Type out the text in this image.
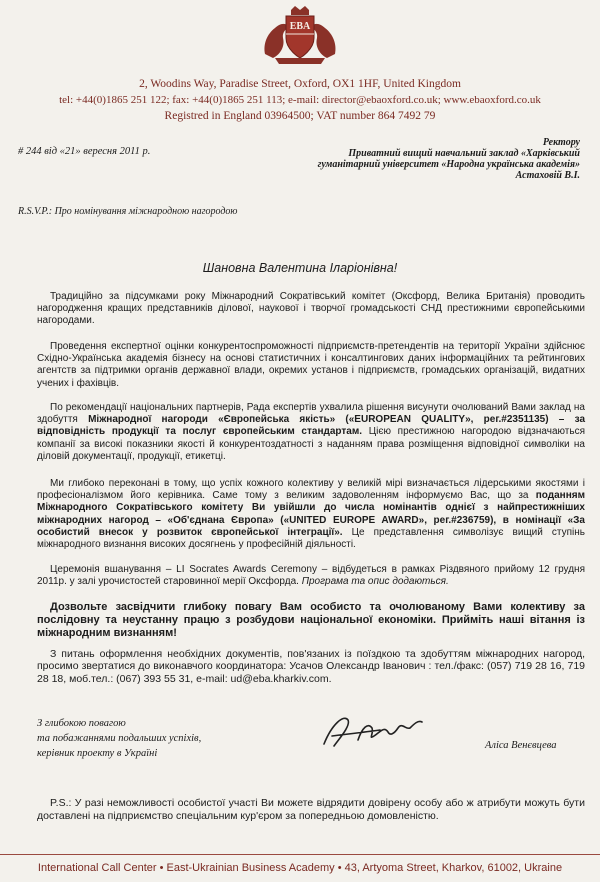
EBA
2, Woodins Way, Paradise Street, Oxford, OX1 1HF, United Kingdom
tel: +44(0)1865 251 122; fax: +44(0)1865 251 113; e-mail: director@ebaoxford.co.uk; www.ebaoxford.co.uk
Registred in England 03964500; VAT number 864 7492 79
# 244 від «21» вересня 2011 р.
Ректору
Приватний вищий навчальний заклад «Харківський
гуманітарний університет «Народна українська академія»
Астаховій В.І.
R.S.V.P.: Про номінування міжнародною нагородою
Шановна Валентина Іларіонівна!

Традиційно за підсумками року Міжнародний Сократівський комітет (Оксфорд, Велика Британія) проводить нагородження кращих представників ділової, наукової і творчої громадськості СНД престижними європейськими нагородами.

Проведення експертної оцінки конкурентоспроможності підприємств-претендентів на території України здійснює Східно-Українська академія бізнесу на основі статистичних і консалтингових даних інформаційних та рейтингових агентств за підтримки органів державної влади, окремих установ і підприємств, громадських організацій, видатних учених і фахівців.

По рекомендації національних партнерів, Рада експертів ухвалила рішення висунути очолюваний Вами заклад на здобуття Міжнародної нагороди «Європейська якість» («EUROPEAN QUALITY», рег.#2351135) – за відповідність продукції та послуг європейським стандартам. Цією престижною нагородою відзначаються компанії за високі показники якості й конкурентоздатності з наданням права розміщення відповідної символіки на діловій документації, продукції, етикетці.

Ми глибоко переконані в тому, що успіх кожного колективу у великій мірі визначається лідерськими якостями і професіоналізмом його керівника. Саме тому з великим задоволенням інформуємо Вас, що за поданням Міжнародного Сократівського комітету Ви увійшли до числа номінантів однієї з найпрестижніших міжнародних нагород – «Об'єднана Європа» («UNITED EUROPE AWARD», рег.#236759), в номінації «За особистий внесок у розвиток європейської інтеграції». Це представлення символізує вищий ступінь міжнародного визнання високих досягнень у професійній діяльності.

Церемонія вшанування – LI Socrates Awards Ceremony – відбудеться в рамках Різдвяного прийому 12 грудня 2011р. у залі урочистостей старовинної мерії Оксфорда. Програма та опис додаються.

Дозвольте засвідчити глибоку повагу Вам особисто та очолюваному Вами колективу за послідовну та неустанну працю з розбудови національної економіки. Прийміть наші вітання із міжнародним визнанням!

З питань оформлення необхідних документів, пов'язаних із поїздкою та здобуттям міжнародних нагород, просимо звертатися до виконавчого координатора: Усачов Олександр Іванович : тел./факс: (057) 719 28 16, 719 28 18, моб.тел.: (067) 393 55 31, e-mail: ud@eba.kharkiv.com.

З глибокою повагою
та побажаннями подальших успіхів,
керівник проекту в Україні
Аліса Венєвцева
P.S.: У разі неможливості особистої участі Ви можете відрядити довірену особу або ж атрибути можуть бути доставлені на підприємство спеціальним кур'єром за попередньою домовленістю.
International Call Center • East-Ukrainian Business Academy • 43, Artyoma Street, Kharkov, 61002, Ukraine
